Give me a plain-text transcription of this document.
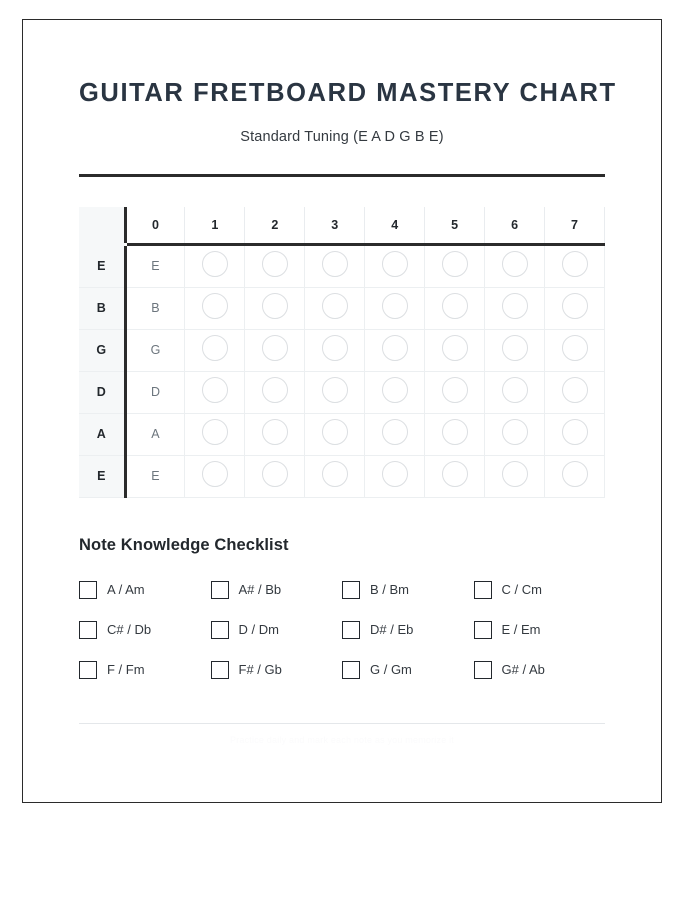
GUITAR FRETBOARD MASTERY CHART

Standard Tuning (E A D G B E)

	0	1	2	3	4	5	6	7
E	E							
B	B							
G	G							
D	D							
A	A							
E	E							
Note Knowledge Checklist
A / Am	A# / Bb	B / Bm	C / Cm
C# / Db	D / Dm	D# / Eb	E / Em
F / Fm	F# / Gb	G / Gm	G# / Ab
Practice daily and mark each note as you memorize it
